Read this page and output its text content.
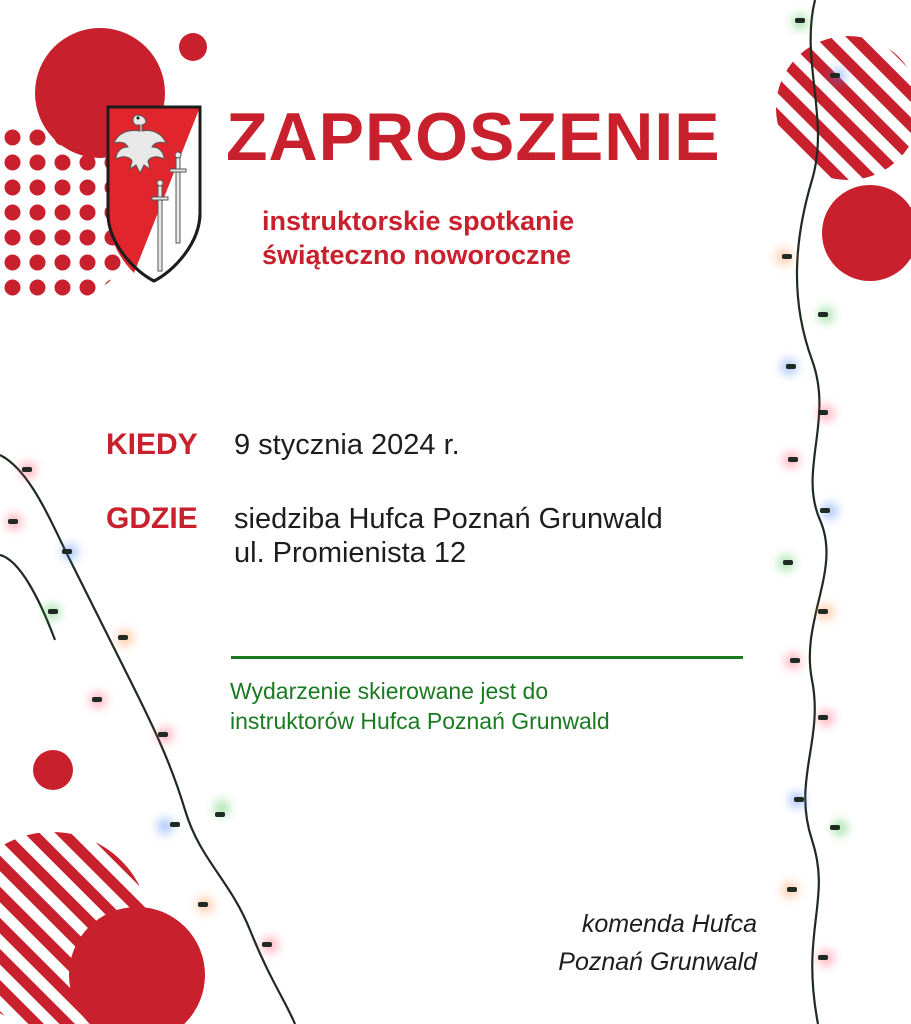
ZAPROSZENIE
instruktorskie spotkanie
świąteczno noworoczne
KIEDY	9 stycznia 2024 r.
GDZIE	siedziba Hufca Poznań Grunwald
ul. Promienista 12
Wydarzenie skierowane jest do
instruktorów Hufca Poznań Grunwald
komenda Hufca
Poznań Grunwald
